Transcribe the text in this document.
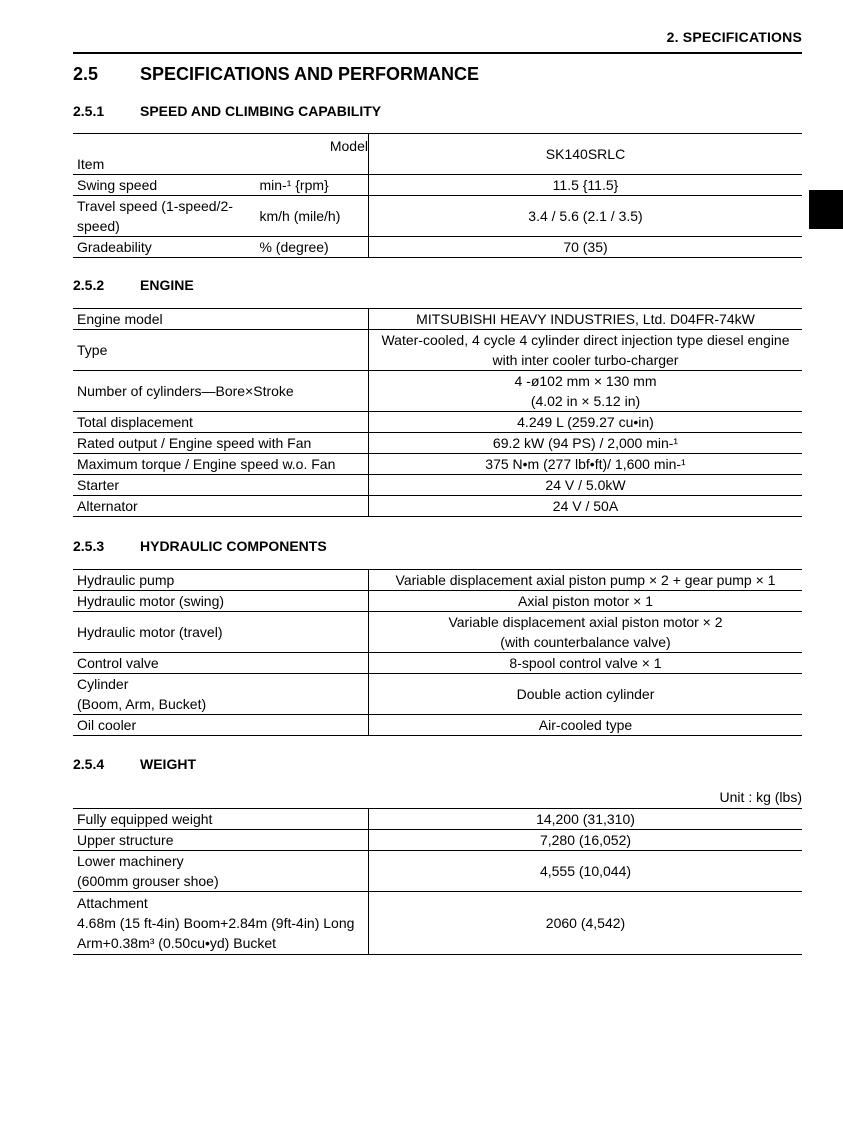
2. SPECIFICATIONS
2.5 SPECIFICATIONS AND PERFORMANCE
2.5.1	SPEED AND CLIMBING CAPABILITY
Model
Item		SK140SRLC
Swing speed	min-¹ {rpm}	11.5 {11.5}
Travel speed (1-speed/2-speed)	km/h (mile/h)	3.4 / 5.6 (2.1 / 3.5)
Gradeability	% (degree)	70 (35)
2.5.2	ENGINE
Engine model	MITSUBISHI HEAVY INDUSTRIES, Ltd. D04FR-74kW
Type	Water-cooled, 4 cycle 4 cylinder direct injection type diesel engine
with inter cooler turbo-charger

Number of cylinders—Bore×Stroke	4 -ø102 mm × 130 mm
(4.02 in × 5.12 in)

Total displacement	4.249 L (259.27 cu•in)
Rated output / Engine speed with Fan	69.2 kW (94 PS) / 2,000 min-¹
Maximum torque / Engine speed w.o. Fan	375 N•m (277 lbf•ft)/ 1,600 min-¹
Starter	24 V / 5.0kW
Alternator	24 V / 50A
2.5.3	HYDRAULIC COMPONENTS
Hydraulic pump	Variable displacement axial piston pump × 2 + gear pump × 1
Hydraulic motor (swing)	Axial piston motor × 1
Hydraulic motor (travel)	Variable displacement axial piston motor × 2
(with counterbalance valve)

Control valve	8-spool control valve × 1

Cylinder
(Boom, Arm, Bucket)	Double action cylinder
Oil cooler	Air-cooled type
2.5.4	WEIGHT
Unit : kg (lbs)
Fully equipped weight	14,200 (31,310)
Upper structure	7,280 (16,052)

Lower machinery
(600mm grouser shoe)	4,555 (10,044)

Attachment
4.68m (15 ft-4in) Boom+2.84m (9ft-4in) Long
Arm+0.38m³ (0.50cu•yd) Bucket	2060 (4,542)
